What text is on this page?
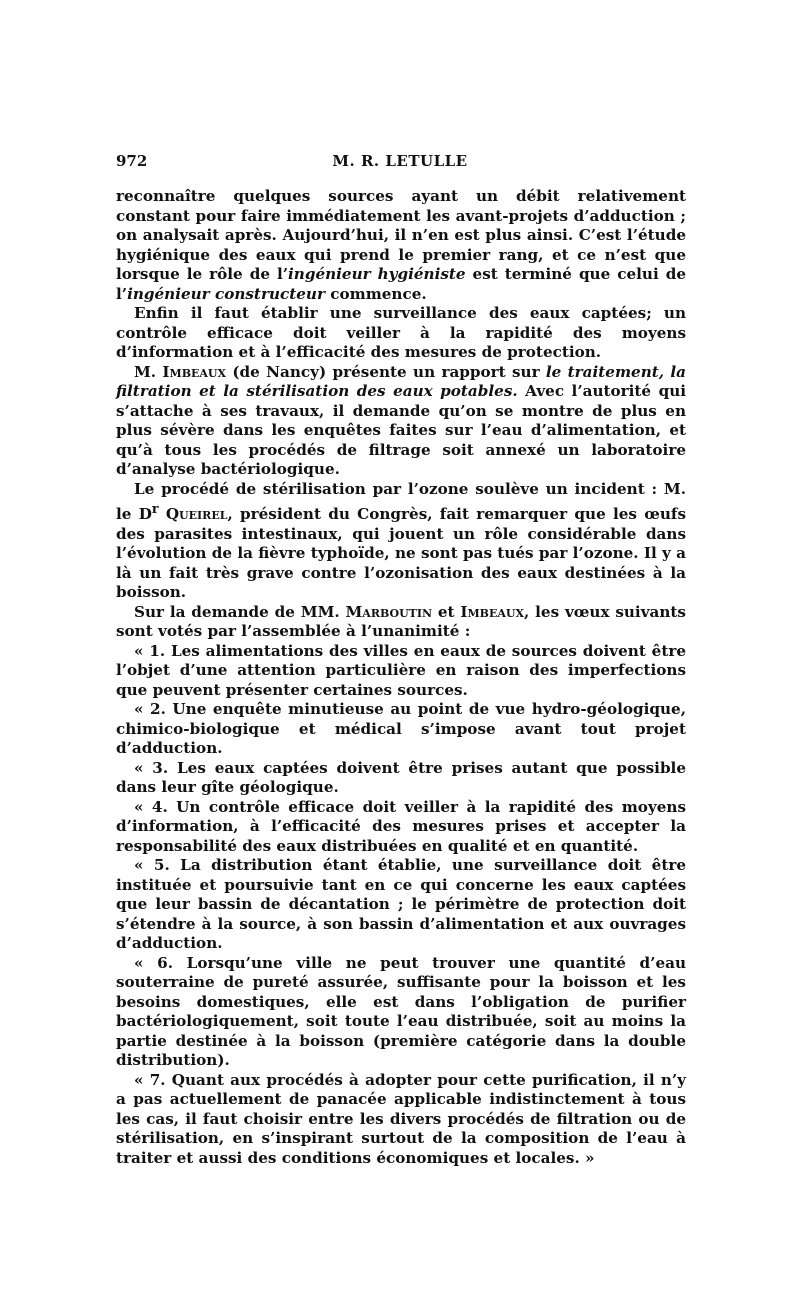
972	M. R. LETULLE

reconnaître quelques sources ayant un débit relativement constant pour faire immédiatement les avant-projets d’adduction ; on analysait après. Aujourd’hui, il n’en est plus ainsi. C’est l’étude hygiénique des eaux qui prend le premier rang, et ce n’est que lorsque le rôle de l’ingénieur hygiéniste est terminé que celui de l’ingénieur constructeur commence.

Enfin il faut établir une surveillance des eaux captées; un contrôle efficace doit veiller à la rapidité des moyens d’information et à l’efficacité des mesures de protection.

M. Imbeaux (de Nancy) présente un rapport sur le traitement, la filtration et la stérilisation des eaux potables. Avec l’autorité qui s’attache à ses travaux, il demande qu’on se montre de plus en plus sévère dans les enquêtes faites sur l’eau d’alimentation, et qu’à tous les procédés de filtrage soit annexé un laboratoire d’analyse bactériologique.

Le procédé de stérilisation par l’ozone soulève un incident : M. le $D^r$ Queirel, président du Congrès, fait remarquer que les œufs des parasites intestinaux, qui jouent un rôle considérable dans l’évolution de la fièvre typhoïde, ne sont pas tués par l’ozone. Il y a là un fait très grave contre l’ozonisation des eaux destinées à la boisson.

Sur la demande de MM. Marboutin et Imbeaux, les vœux suivants sont votés par l’assemblée à l’unanimité :

« 1. Les alimentations des villes en eaux de sources doivent être l’objet d’une attention particulière en raison des imperfections que peuvent présenter certaines sources.

« 2. Une enquête minutieuse au point de vue hydro-géologique, chimico-biologique et médical s’impose avant tout projet d’adduction.

« 3. Les eaux captées doivent être prises autant que possible dans leur gîte géologique.

« 4. Un contrôle efficace doit veiller à la rapidité des moyens d’information, à l’efficacité des mesures prises et accepter la responsabilité des eaux distribuées en qualité et en quantité.

« 5. La distribution étant établie, une surveillance doit être instituée et poursuivie tant en ce qui concerne les eaux captées que leur bassin de décantation ; le périmètre de protection doit s’étendre à la source, à son bassin d’alimentation et aux ouvrages d’adduction.

« 6. Lorsqu’une ville ne peut trouver une quantité d’eau souterraine de pureté assurée, suffisante pour la boisson et les besoins domestiques, elle est dans l’obligation de purifier bactériologiquement, soit toute l’eau distribuée, soit au moins la partie destinée à la boisson (première catégorie dans la double distribution).

« 7. Quant aux procédés à adopter pour cette purification, il n’y a pas actuellement de panacée applicable indistinctement à tous les cas, il faut choisir entre les divers procédés de filtration ou de stérilisation, en s’inspirant surtout de la composition de l’eau à traiter et aussi des conditions économiques et locales. »
